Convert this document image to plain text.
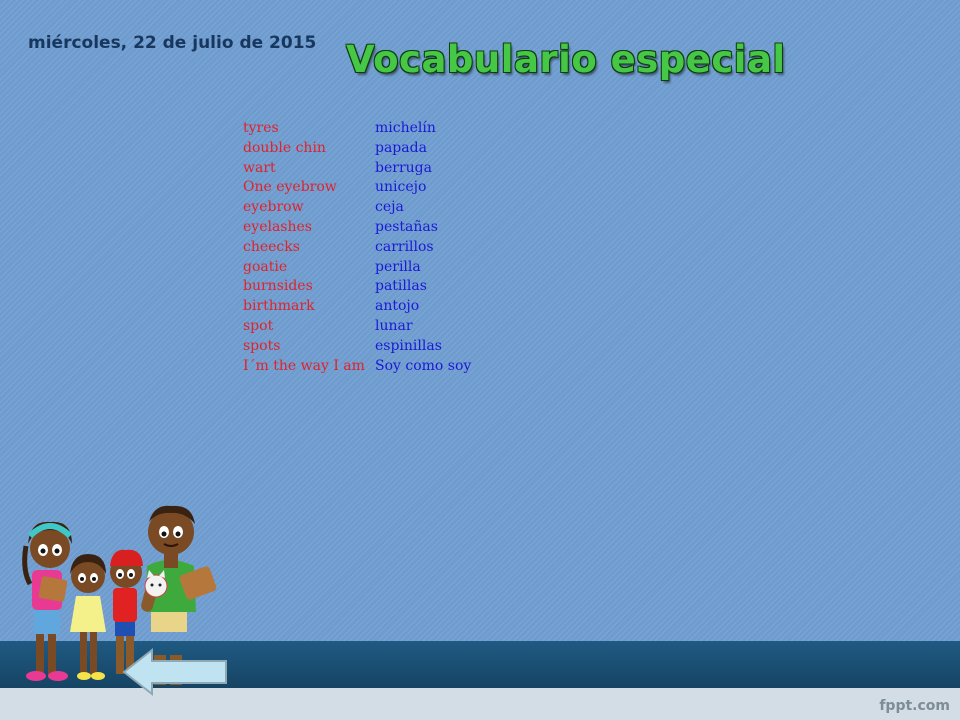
miércoles, 22 de julio de 2015 Vocabulario especial
tyres	michelín
double chin	papada
wart	berruga
One eyebrow	unicejo
eyebrow	ceja
eyelashes	pestañas
cheecks	carrillos
goatie	perilla
burnsides	patillas
birthmark	antojo
spot	lunar
spots	espinillas
I´m the way I am	Soy como soy
fppt.com
